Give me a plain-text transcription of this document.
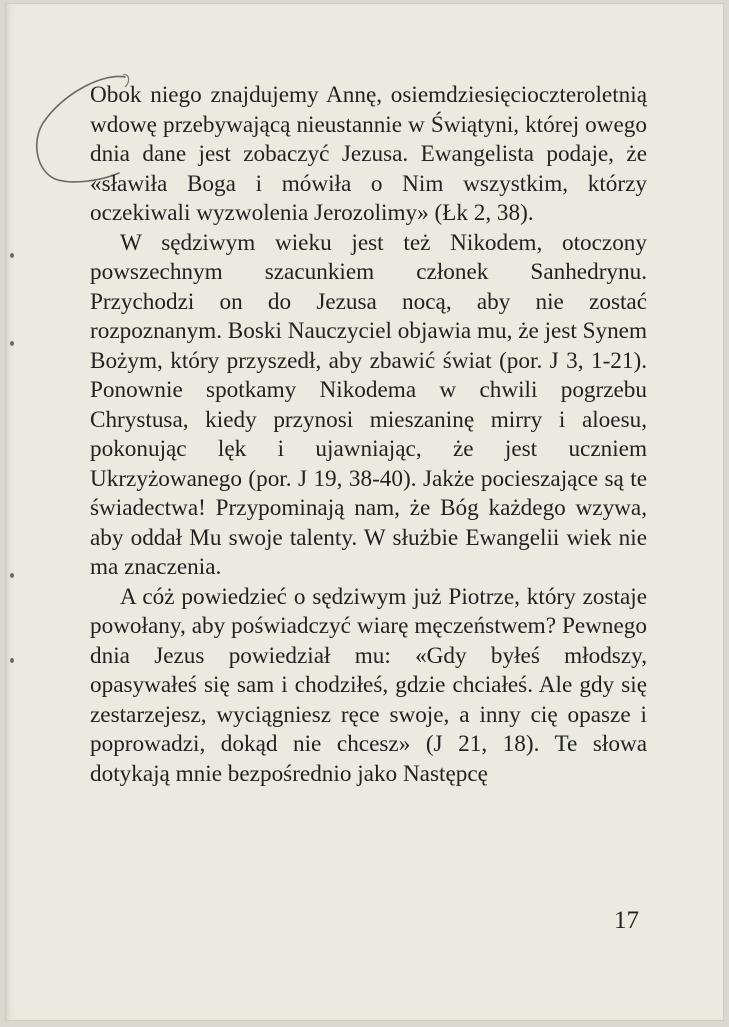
Obok niego znajdujemy Annę, osiemdziesięcioczteroletnią wdowę przebywającą nieustannie w Świątyni, której owego dnia dane jest zobaczyć Jezusa. Ewangelista podaje, że «sławiła Boga i mówiła o Nim wszystkim, którzy oczekiwali wyzwolenia Jerozolimy» (Łk 2, 38).

W sędziwym wieku jest też Nikodem, otoczony powszechnym szacunkiem członek Sanhedrynu. Przychodzi on do Jezusa nocą, aby nie zostać rozpoznanym. Boski Nauczyciel objawia mu, że jest Synem Bożym, który przyszedł, aby zbawić świat (por. J 3, 1-21). Ponownie spotkamy Nikodema w chwili pogrzebu Chrystusa, kiedy przynosi mieszaninę mirry i aloesu, pokonując lęk i ujawniając, że jest uczniem Ukrzyżowanego (por. J 19, 38-40). Jakże pocieszające są te świadectwa! Przypominają nam, że Bóg każdego wzywa, aby oddał Mu swoje talenty. W służbie Ewangelii wiek nie ma znaczenia.

A cóż powiedzieć o sędziwym już Piotrze, który zostaje powołany, aby poświadczyć wiarę męczeństwem? Pewnego dnia Jezus powiedział mu: «Gdy byłeś młodszy, opasywałeś się sam i chodziłeś, gdzie chciałeś. Ale gdy się zestarzejesz, wyciągniesz ręce swoje, a inny cię opasze i poprowadzi, dokąd nie chcesz» (J 21, 18). Te słowa dotykają mnie bezpośrednio jako Następcę

17
